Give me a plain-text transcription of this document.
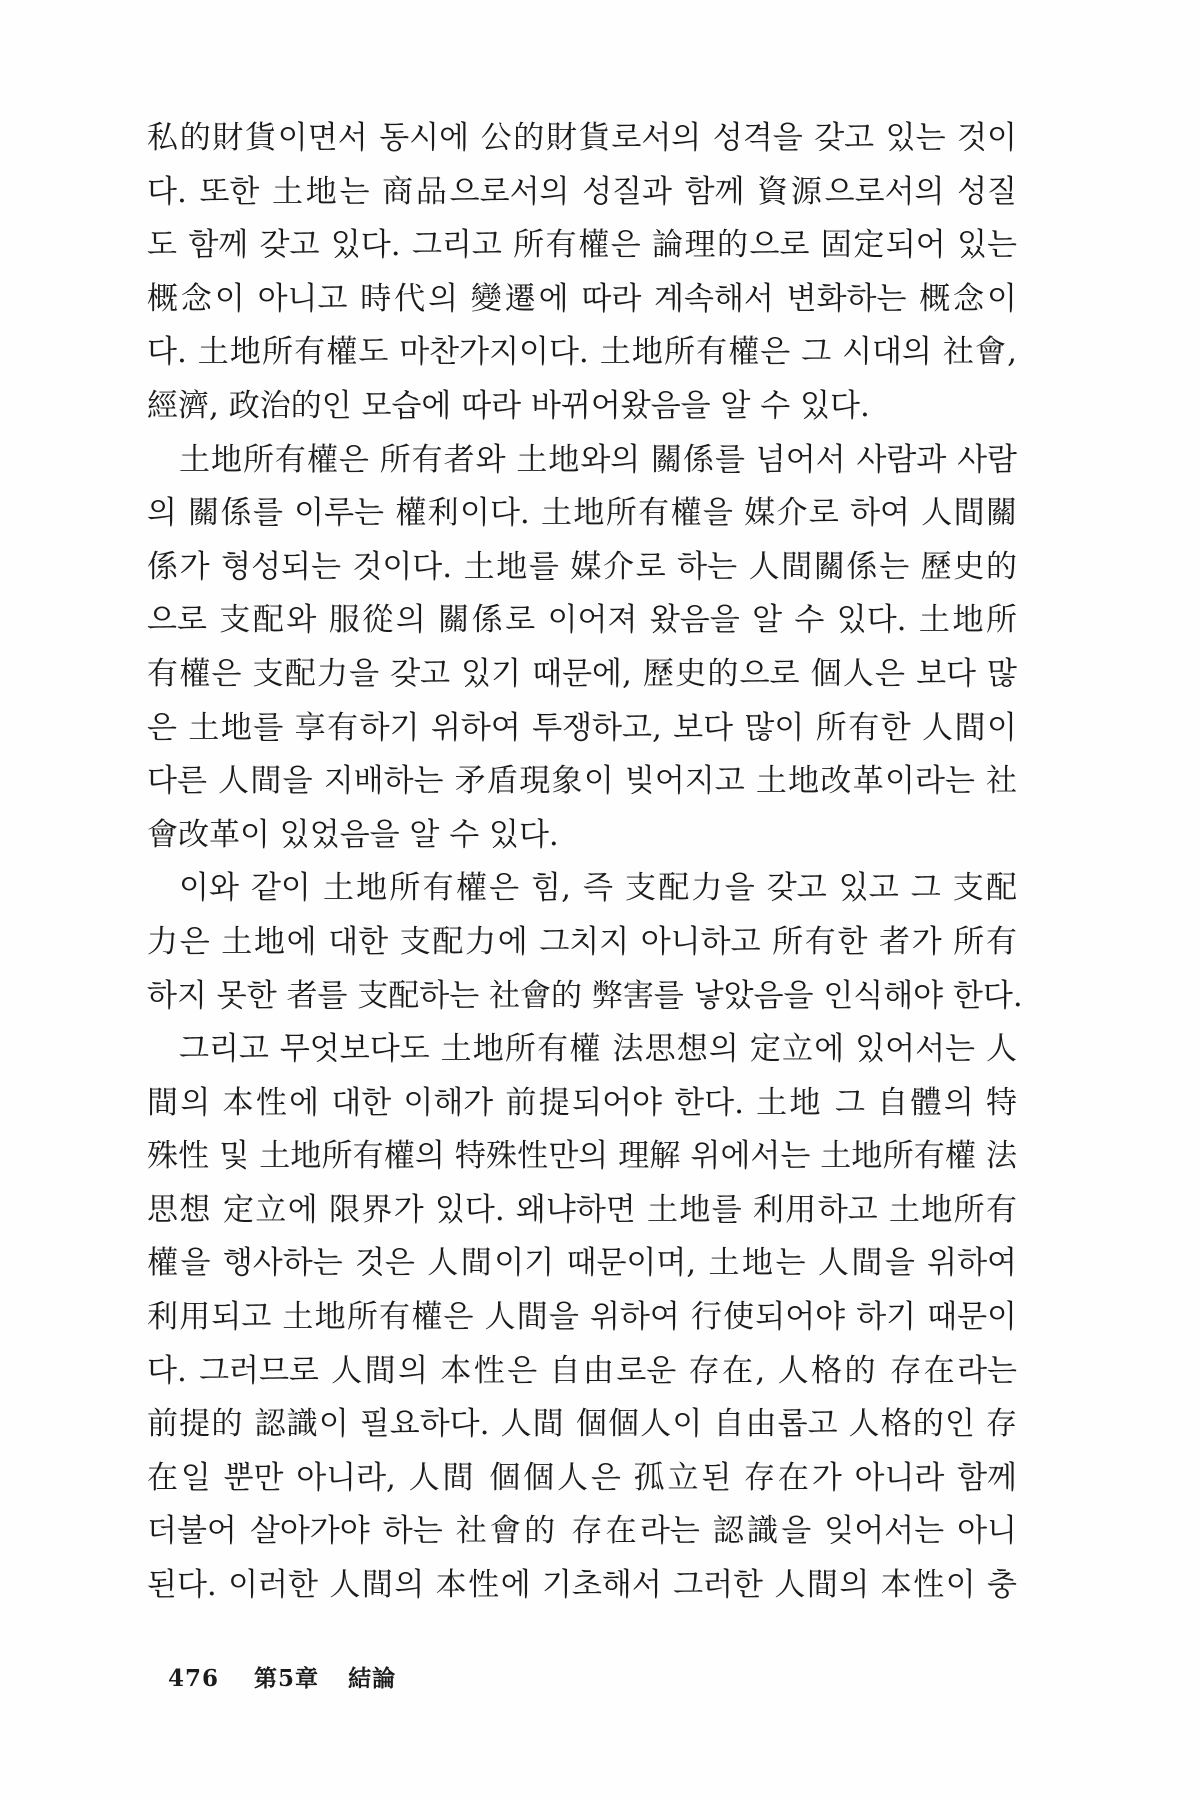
私的財貨이면서 동시에 公的財貨로서의 성격을 갖고 있는 것이
다. 또한 土地는 商品으로서의 성질과 함께 資源으로서의 성질
도 함께 갖고 있다. 그리고 所有權은 論理的으로 固定되어 있는
概念이 아니고 時代의 變遷에 따라 계속해서 변화하는 概念이
다. 土地所有權도 마찬가지이다. 土地所有權은 그 시대의 社會,
經濟, 政治的인 모습에 따라 바뀌어왔음을 알 수 있다.
土地所有權은 所有者와 土地와의 關係를 넘어서 사람과 사람
의 關係를 이루는 權利이다. 土地所有權을 媒介로 하여 人間關
係가 형성되는 것이다. 土地를 媒介로 하는 人間關係는 歷史的
으로 支配와 服從의 關係로 이어져 왔음을 알 수 있다. 土地所
有權은 支配力을 갖고 있기 때문에, 歷史的으로 個人은 보다 많
은 土地를 享有하기 위하여 투쟁하고, 보다 많이 所有한 人間이
다른 人間을 지배하는 矛盾現象이 빚어지고 土地改革이라는 社
會改革이 있었음을 알 수 있다.
이와 같이 土地所有權은 힘, 즉 支配力을 갖고 있고 그 支配
力은 土地에 대한 支配力에 그치지 아니하고 所有한 者가 所有
하지 못한 者를 支配하는 社會的 弊害를 낳았음을 인식해야 한다.
그리고 무엇보다도 土地所有權 法思想의 定立에 있어서는 人
間의 本性에 대한 이해가 前提되어야 한다. 土地 그 自體의 特
殊性 및 土地所有權의 特殊性만의 理解 위에서는 土地所有權 法
思想 定立에 限界가 있다. 왜냐하면 土地를 利用하고 土地所有
權을 행사하는 것은 人間이기 때문이며, 土地는 人間을 위하여
利用되고 土地所有權은 人間을 위하여 行使되어야 하기 때문이
다. 그러므로 人間의 本性은 自由로운 存在, 人格的 存在라는
前提的 認識이 필요하다. 人間 個個人이 自由롭고 人格的인 存
在일 뿐만 아니라, 人間 個個人은 孤立된 存在가 아니라 함께
더불어 살아가야 하는 社會的 存在라는 認識을 잊어서는 아니
된다. 이러한 人間의 本性에 기초해서 그러한 人間의 本性이 충
476 第5章 結論
